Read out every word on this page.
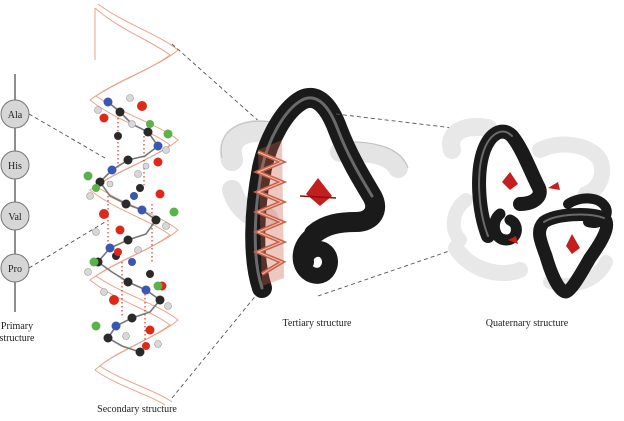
Ala
His
Val
Pro
Primary
structure
Tertiary structure	Quaternary structure
Secondary structure
